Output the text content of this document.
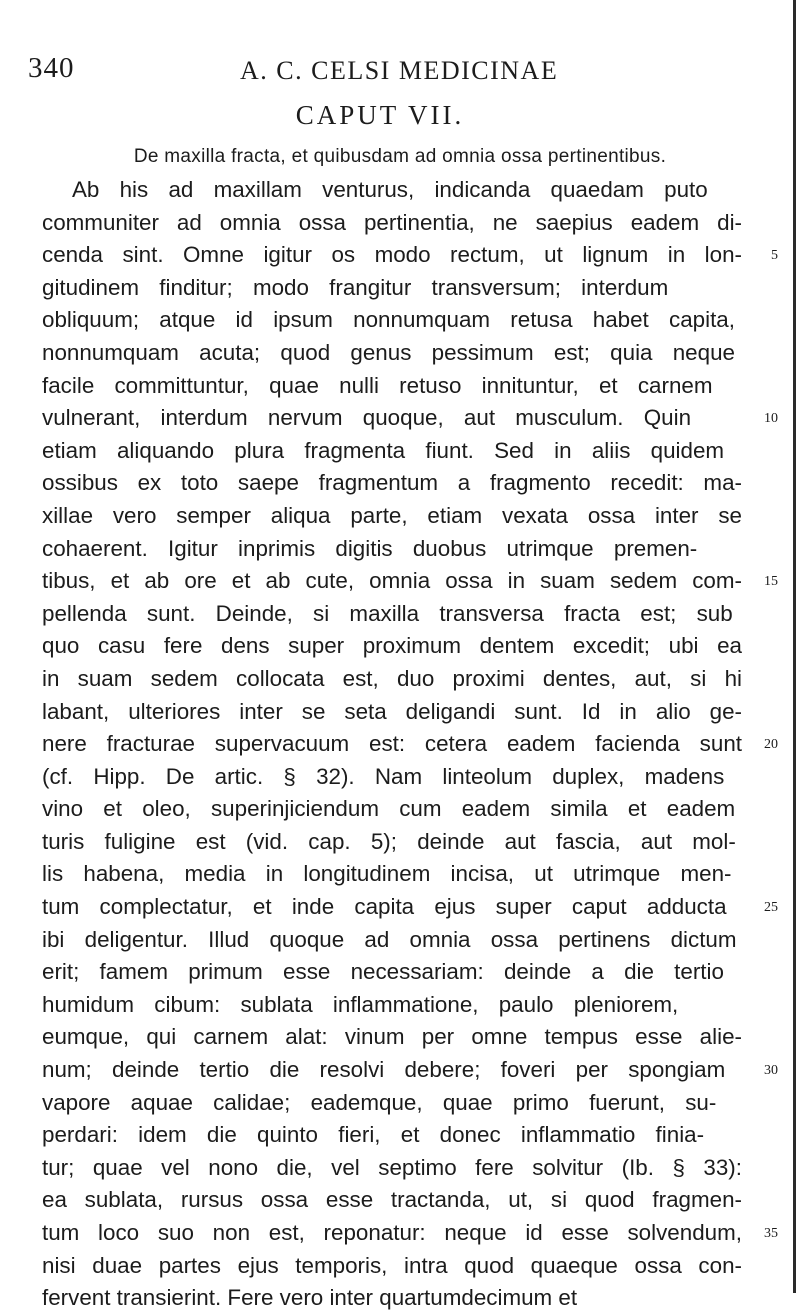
340	A. C. CELSI MEDICINAE
CAPUT VII.
De maxilla fracta, et quibusdam ad omnia ossa pertinentibus.
Ab his ad maxillam venturus, indicanda quaedam puto
communiter ad omnia ossa pertinentia, ne saepius eadem di-
cenda sint. Omne igitur os modo rectum, ut lignum in lon- 5
gitudinem finditur; modo frangitur transversum; interdum
obliquum; atque id ipsum nonnumquam retusa habet capita,
nonnumquam acuta; quod genus pessimum est; quia neque
facile committuntur, quae nulli retuso innituntur, et carnem
vulnerant, interdum nervum quoque, aut musculum. Quin	10
etiam aliquando plura fragmenta fiunt. Sed in aliis quidem
ossibus ex toto saepe fragmentum a fragmento recedit: ma-
xillae vero semper aliqua parte, etiam vexata ossa inter se
cohaerent. Igitur inprimis digitis duobus utrimque premen-
tibus, et ab ore et ab cute, omnia ossa in suam sedem com- 15
pellenda sunt. Deinde, si maxilla transversa fracta est; sub
quo casu fere dens super proximum dentem excedit; ubi ea
in suam sedem collocata est, duo proximi dentes, aut, si hi
labant, ulteriores inter se seta deligandi sunt. Id in alio ge-
nere fracturae supervacuum est: cetera eadem facienda sunt 20
(cf. Hipp. De artic. § 32). Nam linteolum duplex, madens
vino et oleo, superinjiciendum cum eadem simila et eadem
turis fuligine est (vid. cap. 5); deinde aut fascia, aut mol-
lis habena, media in longitudinem incisa, ut utrimque men-
tum complectatur, et inde capita ejus super caput adducta	25
ibi deligentur. Illud quoque ad omnia ossa pertinens dictum
erit; famem primum esse necessariam: deinde a die tertio
humidum cibum: sublata inflammatione, paulo pleniorem,
eumque, qui carnem alat: vinum per omne tempus esse alie-
num; deinde tertio die resolvi debere; foveri per spongiam	30
vapore aquae calidae; eademque, quae primo fuerunt, su-
perdari: idem die quinto fieri, et donec inflammatio finia-
tur; quae vel nono die, vel septimo fere solvitur (Ib. § 33):
ea sublata, rursus ossa esse tractanda, ut, si quod fragmen-
tum loco suo non est, reponatur: neque id esse solvendum, 35
nisi duae partes ejus temporis, intra quod quaeque ossa con-
fervent transierint. Fere vero inter quartumdecimum et
